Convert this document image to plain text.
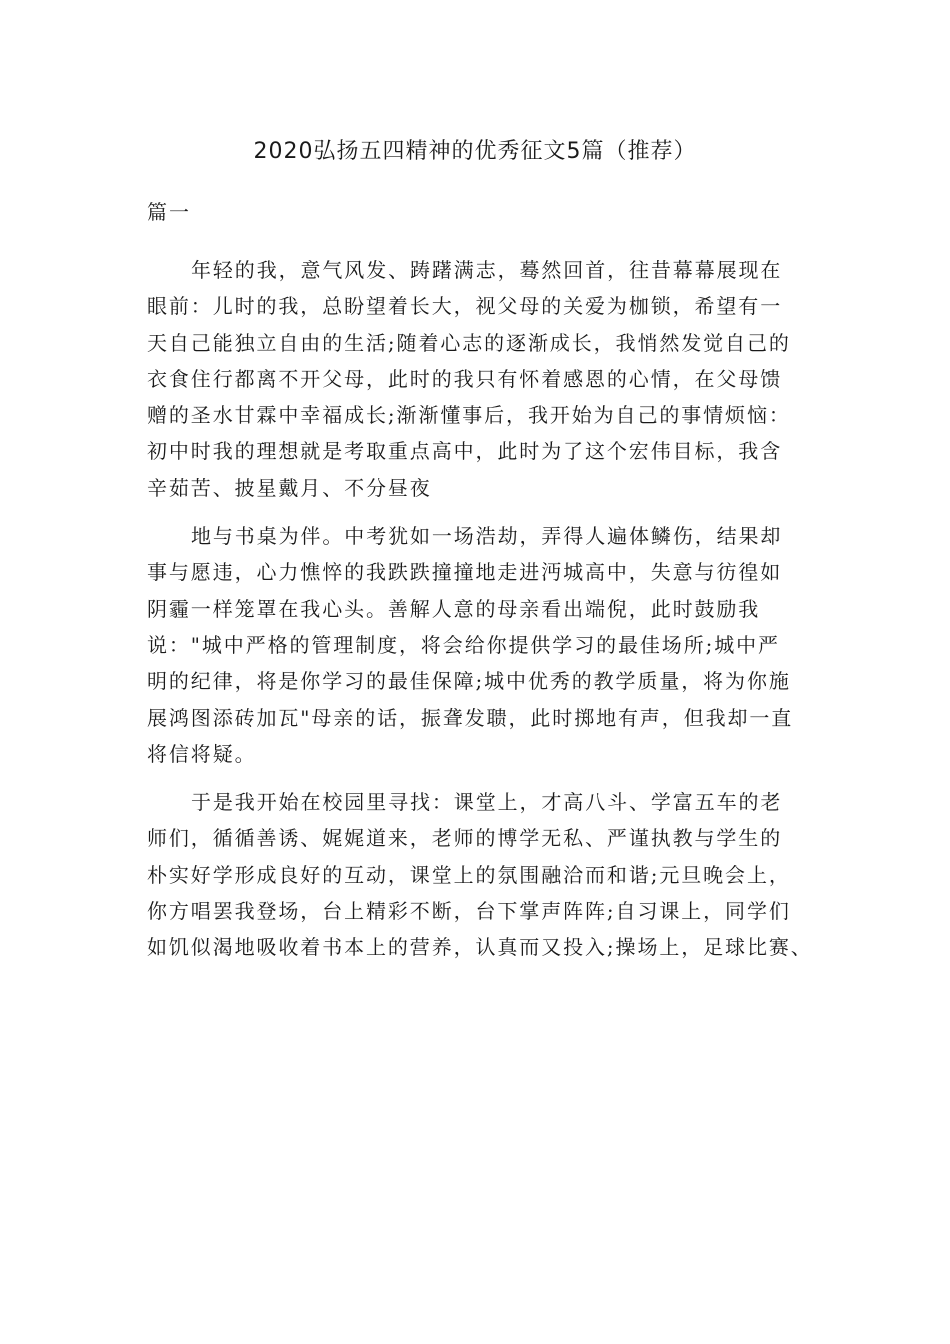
2020弘扬五四精神的优秀征文5篇（推荐）
篇一
年轻的我，意气风发、踌躇满志，蓦然回首，往昔幕幕展现在
眼前：儿时的我，总盼望着长大，视父母的关爱为枷锁，希望有一
天自己能独立自由的生活;随着心志的逐渐成长，我悄然发觉自己的
衣食住行都离不开父母，此时的我只有怀着感恩的心情，在父母馈
赠的圣水甘霖中幸福成长;渐渐懂事后，我开始为自己的事情烦恼：
初中时我的理想就是考取重点高中，此时为了这个宏伟目标，我含
辛茹苦、披星戴月、不分昼夜
地与书桌为伴。中考犹如一场浩劫，弄得人遍体鳞伤，结果却
事与愿违，心力憔悴的我跌跌撞撞地走进沔城高中，失意与彷徨如
阴霾一样笼罩在我心头。善解人意的母亲看出端倪，此时鼓励我
说："城中严格的管理制度，将会给你提供学习的最佳场所;城中严
明的纪律，将是你学习的最佳保障;城中优秀的教学质量，将为你施
展鸿图添砖加瓦"母亲的话，振聋发聩，此时掷地有声，但我却一直
将信将疑。
于是我开始在校园里寻找：课堂上，才高八斗、学富五车的老
师们，循循善诱、娓娓道来，老师的博学无私、严谨执教与学生的
朴实好学形成良好的互动，课堂上的氛围融洽而和谐;元旦晚会上，
你方唱罢我登场，台上精彩不断，台下掌声阵阵;自习课上，同学们
如饥似渴地吸收着书本上的营养，认真而又投入;操场上，足球比赛、
